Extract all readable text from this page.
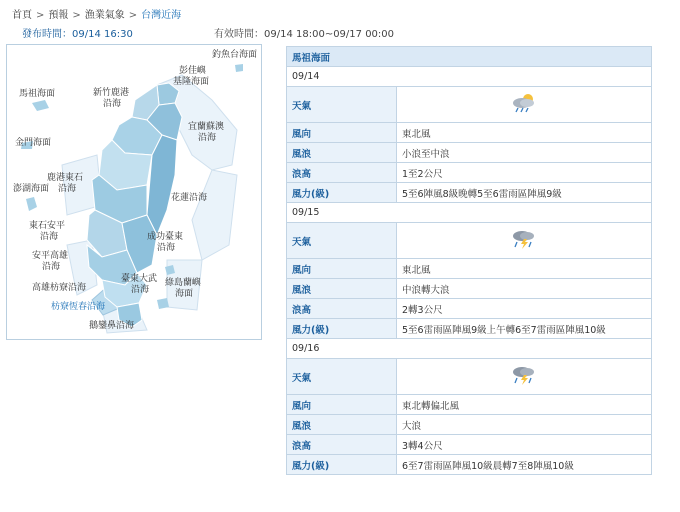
首頁 > 預報 > 漁業氣象 > 台灣近海
發布時間：09/14 16:30	有效時間：09/14 18:00~09/17 00:00
釣魚台海面
彭佳嶼
基隆海面
馬祖海面	新竹鹿港
沿海
宜蘭蘇澳
沿海
金門海面
鹿港東石
沿海
澎湖海面
花蓮沿海
東石安平
沿海	成功臺東
沿海
安平高雄
沿海
臺東大武
沿海
綠島蘭嶼
海面
高雄枋寮沿海
枋寮恆春沿海
鵝鑾鼻沿海
馬祖海面	
09/14	
天氣	
風向	東北風
風浪	小浪至中浪
浪高	1至2公尺
風力(級)	5至6陣風8級晚轉5至6雷雨區陣風9級
09/15	
天氣	
風向	東北風
風浪	中浪轉大浪
浪高	2轉3公尺
風力(級)	5至6雷雨區陣風9級上午轉6至7雷雨區陣風10級
09/16	
天氣	
風向	東北轉偏北風
風浪	大浪
浪高	3轉4公尺
風力(級)	6至7雷雨區陣風10級晨轉7至8陣風10級
